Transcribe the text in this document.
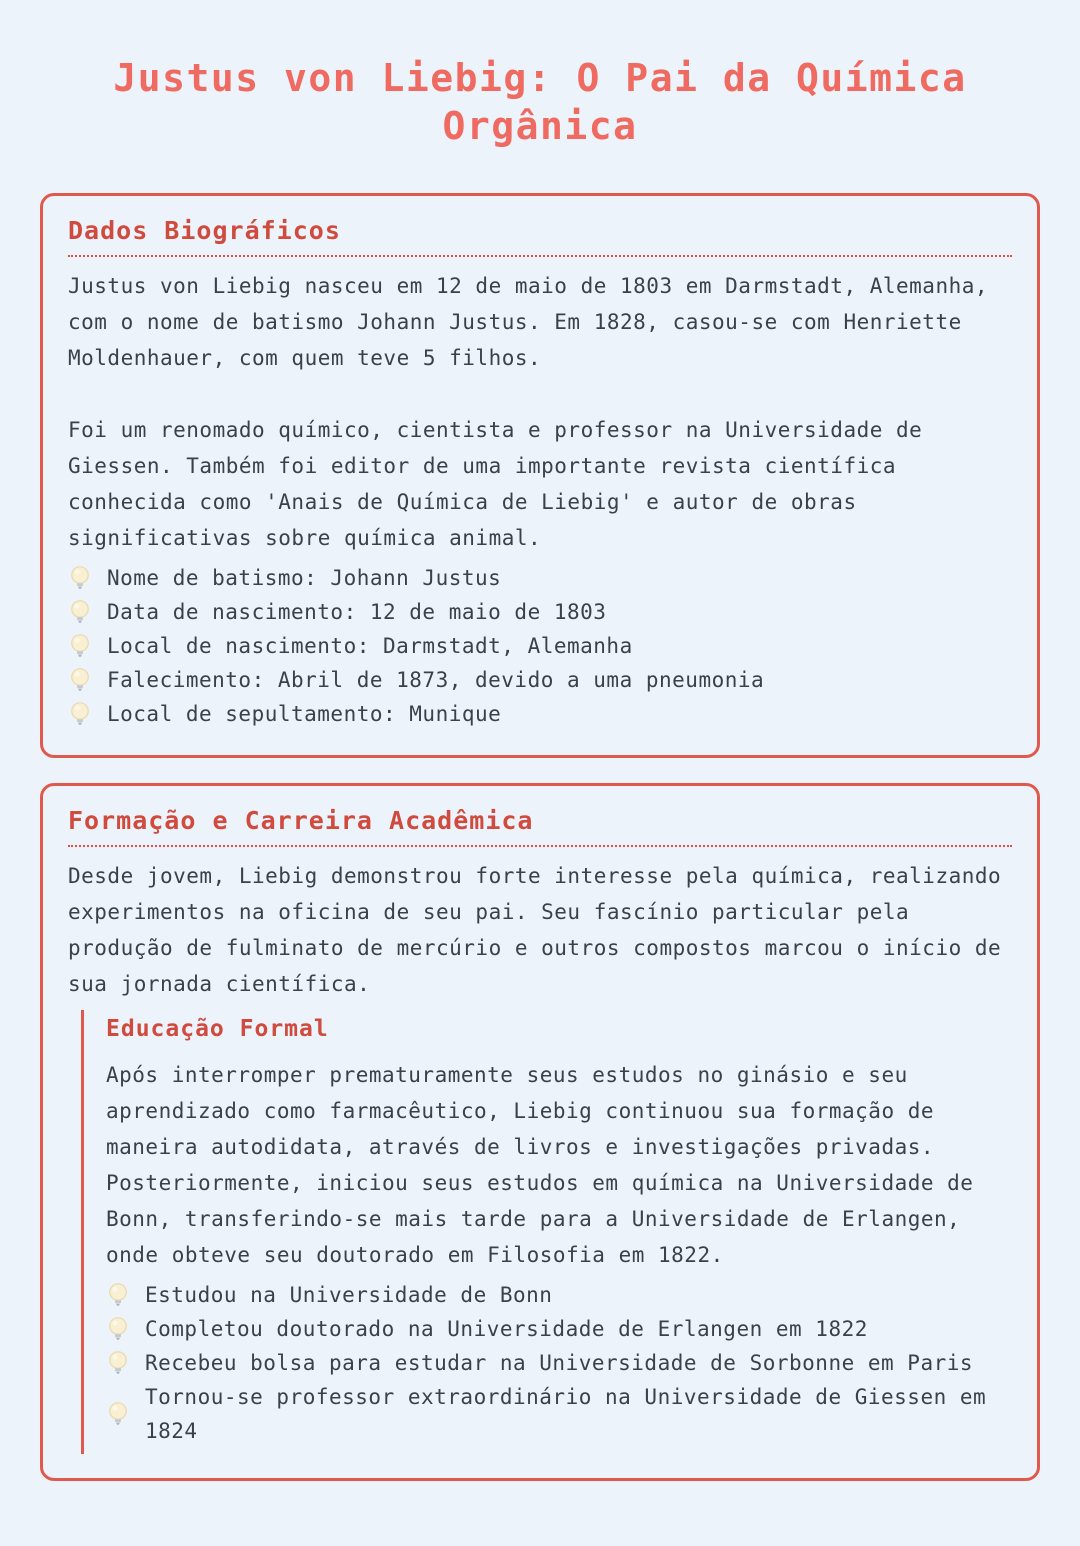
Justus von Liebig: O Pai da Química Orgânica
Dados Biográficos

Justus von Liebig nasceu em 12 de maio de 1803 em Darmstadt, Alemanha, com o nome de batismo Johann Justus. Em 1828, casou-se com Henriette Moldenhauer, com quem teve 5 filhos.

Foi um renomado químico, cientista e professor na Universidade de Giessen. Também foi editor de uma importante revista científica conhecida como 'Anais de Química de Liebig' e autor de obras significativas sobre química animal.

Nome de batismo: Johann Justus
Data de nascimento: 12 de maio de 1803
Local de nascimento: Darmstadt, Alemanha
Falecimento: Abril de 1873, devido a uma pneumonia
Local de sepultamento: Munique
Formação e Carreira Acadêmica

Desde jovem, Liebig demonstrou forte interesse pela química, realizando experimentos na oficina de seu pai. Seu fascínio particular pela produção de fulminato de mercúrio e outros compostos marcou o início de sua jornada científica.

Educação Formal

Após interromper prematuramente seus estudos no ginásio e seu aprendizado como farmacêutico, Liebig continuou sua formação de maneira autodidata, através de livros e investigações privadas. Posteriormente, iniciou seus estudos em química na Universidade de Bonn, transferindo-se mais tarde para a Universidade de Erlangen, onde obteve seu doutorado em Filosofia em 1822.

Estudou na Universidade de Bonn
Completou doutorado na Universidade de Erlangen em 1822
Recebeu bolsa para estudar na Universidade de Sorbonne em Paris
Tornou-se professor extraordinário na Universidade de Giessen em 1824
